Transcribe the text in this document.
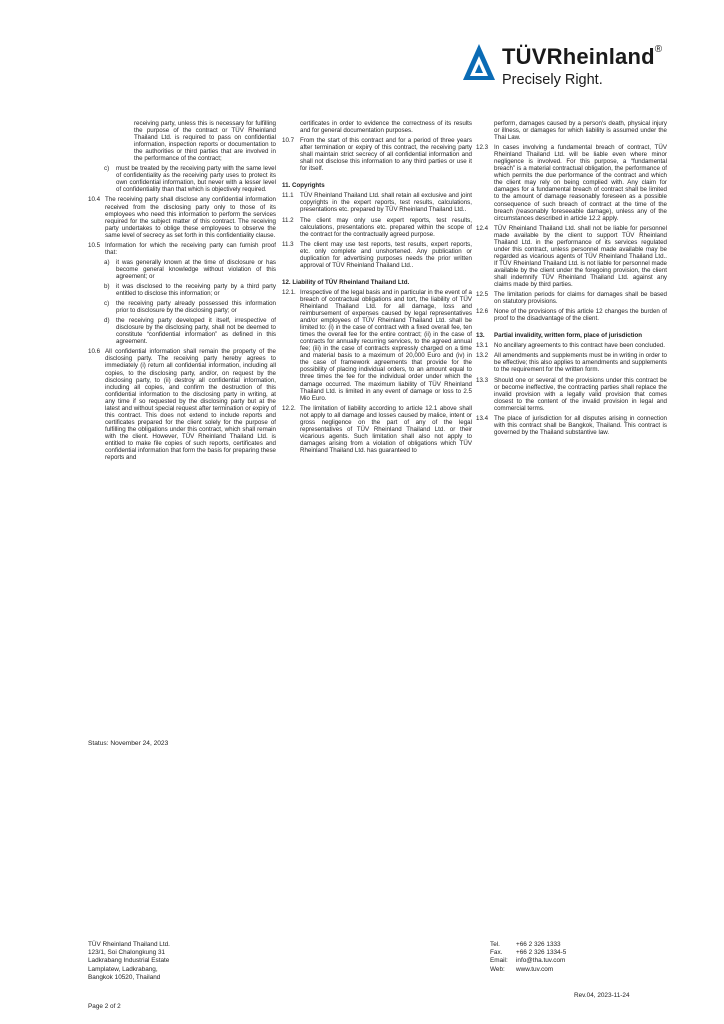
TÜVRheinland®
Precisely Right.
receiving party, unless this is necessary for fulfilling the purpose of the contract or TÜV Rheinland Thailand Ltd. is required to pass on confidential information, inspection reports or documentation to the authorities or third parties that are involved in the performance of the contract;
c)	must be treated by the receiving party with the same level of confidentiality as the receiving party uses to protect its own confidential information, but never with a lesser level of confidentiality than that which is objectively required.
10.4 The receiving party shall disclose any confidential information received from the disclosing party only to those of its employees who need this information to perform the services required for the subject matter of this contract. The receiving party undertakes to oblige these employees to observe the same level of secrecy as set forth in this confidentiality clause.
10.5 Information for which the receiving party can furnish proof that:
a)	it was generally known at the time of disclosure or has become general knowledge without violation of this agreement; or
b)	it was disclosed to the receiving party by a third party entitled to disclose this information; or
c)	the receiving party already possessed this information prior to disclosure by the disclosing party; or
d)	the receiving party developed it itself, irrespective of disclosure by the disclosing party, shall not be deemed to constitute “confidential information” as defined in this agreement.
10.6 All confidential information shall remain the property of the disclosing party. The receiving party hereby agrees to immediately (i) return all confidential information, including all copies, to the disclosing party, and/or, on request by the disclosing party, to (ii) destroy all confidential information, including all copies, and confirm the destruction of this confidential information to the disclosing party in writing, at any time if so requested by the disclosing party but at the latest and without special request after termination or expiry of this contract. This does not extend to include reports and certificates prepared for the client solely for the purpose of fulfilling the obligations under this contract, which shall remain with the client. However, TÜV Rheinland Thailand Ltd. is entitled to make file copies of such reports, certificates and confidential information that form the basis for preparing these reports and
certificates in order to evidence the correctness of its results and for general documentation purposes.
10.7 From the start of this contract and for a period of three years after termination or expiry of this contract, the receiving party shall maintain strict secrecy of all confidential information and shall not disclose this information to any third parties or use it for itself.
11. Copyrights
11.1	TÜV Rheinland Thailand Ltd. shall retain all exclusive and joint copyrights in the expert reports, test results, calculations, presentations etc. prepared by TÜV Rheinland Thailand Ltd..
11.2	The client may only use expert reports, test results, calculations, presentations etc. prepared within the scope of the contract for the contractually agreed purpose.
11.3	The client may use test reports, test results, expert reports, etc. only complete and unshortened. Any publication or duplication for advertising purposes needs the prior written approval of TÜV Rheinland Thailand Ltd..
12. Liability of TÜV Rheinland Thailand Ltd.
12.1. Irrespective of the legal basis and in particular in the event of a breach of contractual obligations and tort, the liability of TÜV Rheinland Thailand Ltd. for all damage, loss and reimbursement of expenses caused by legal representatives and/or employees of TÜV Rheinland Thailand Ltd. shall be limited to: (i) in the case of contract with a fixed overall fee, ten times the overall fee for the entire contract; (ii) in the case of contracts for annually recurring services, to the agreed annual fee; (iii) in the case of contracts expressly charged on a time and material basis to a maximum of 20,000 Euro and (iv) in the case of framework agreements that provide for the possibility of placing individual orders, to an amount equal to three times the fee for the individual order under which the damage occurred. The maximum liability of TÜV Rheinland Thailand Ltd. is limited in any event of damage or loss to 2.5 Mio Euro.
12.2. The limitation of liability according to article 12.1 above shall not apply to all damage and losses caused by malice, intent or gross negligence on the part of any of the legal representatives of TÜV Rheinland Thailand Ltd. or their vicarious agents. Such limitation shall also not apply to damages arising from a violation of obligations which TÜV Rheinland Thailand Ltd. has guaranteed to
perform, damages caused by a person's death, physical injury or illness, or damages for which liability is assumed under the Thai Law.
12.3 In cases involving a fundamental breach of contract, TÜV Rheinland Thailand Ltd. will be liable even where minor negligence is involved. For this purpose, a “fundamental breach” is a material contractual obligation, the performance of which permits the due performance of the contract and which the client may rely on being complied with. Any claim for damages for a fundamental breach of contract shall be limited to the amount of damage reasonably foreseen as a possible consequence of such breach of contract at the time of the breach (reasonably foreseeable damage), unless any of the circumstances described in article 12.2 apply.
12.4 TÜV Rheinland Thailand Ltd. shall not be liable for personnel made available by the client to support TÜV Rheinland Thailand Ltd. in the performance of its services regulated under this contract, unless personnel made available may be regarded as vicarious agents of TÜV Rheinland Thailand Ltd.. If TÜV Rheinland Thailand Ltd. is not liable for personnel made available by the client under the foregoing provision, the client shall indemnify TÜV Rheinland Thailand Ltd. against any claims made by third parties.
12.5 The limitation periods for claims for damages shall be based on statutory provisions.
12.6 None of the provisions of this article 12 changes the burden of proof to the disadvantage of the client.
13.	Partial invalidity, written form, place of jurisdiction
13.1 No ancillary agreements to this contract have been concluded.
13.2 All amendments and supplements must be in writing in order to be effective; this also applies to amendments and supplements to the requirement for the written form.
13.3 Should one or several of the provisions under this contract be or become ineffective, the contracting parties shall replace the invalid provision with a legally valid provision that comes closest to the content of the invalid provision in legal and commercial terms.
13.4 The place of jurisdiction for all disputes arising in connection with this contract shall be Bangkok, Thailand. This contract is governed by the Thailand substantive law.
Status: November 24, 2023
TÜV Rheinland Thailand Ltd.
123/1, Soi Chalongkung 31
Ladkrabang Industrial Estate
Lamplatew, Ladkrabang,
Bangkok 10520, Thailand
Tel.	+66 2 326 1333
Fax. +66 2 326 1334-5
Email: info@tha.tuv.com
Web: www.tuv.com
Rev.04, 2023-11-24
Page 2 of 2
